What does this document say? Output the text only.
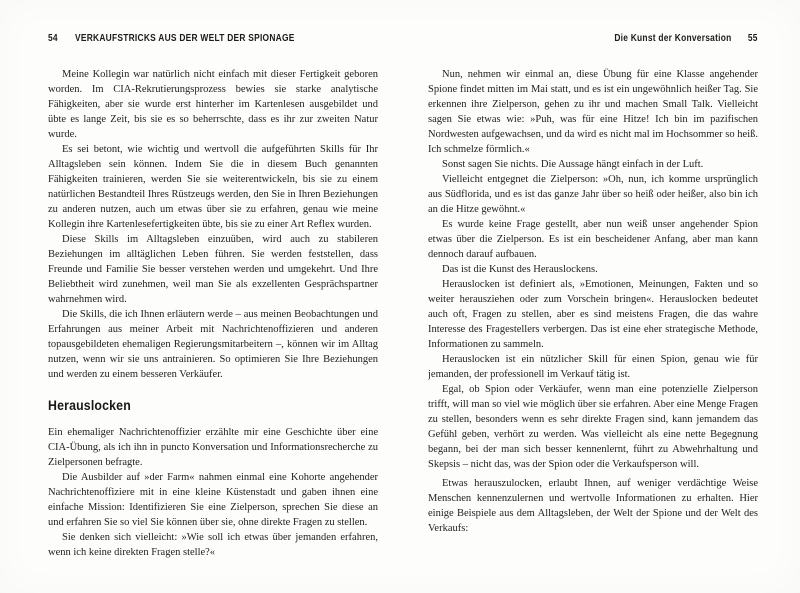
54 VERKAUFSTRICKS AUS DER WELT DER SPIONAGE

Meine Kollegin war natürlich nicht einfach mit dieser Fertigkeit geboren worden. Im CIA-Rekrutierungsprozess bewies sie starke analytische Fähigkeiten, aber sie wurde erst hinterher im Kartenlesen ausgebildet und übte es lange Zeit, bis sie es so beherrschte, dass es ihr zur zweiten Natur wurde.

Es sei betont, wie wichtig und wertvoll die aufgeführten Skills für Ihr Alltagsleben sein können. Indem Sie die in diesem Buch genannten Fähigkeiten trainieren, werden Sie sie weiterentwickeln, bis sie zu einem natürlichen Bestandteil Ihres Rüstzeugs werden, den Sie in Ihren Beziehungen zu anderen nutzen, auch um etwas über sie zu erfahren, genau wie meine Kollegin ihre Kartenlesefertigkeiten übte, bis sie zu einer Art Reflex wurden.

Diese Skills im Alltagsleben einzuüben, wird auch zu stabileren Beziehungen im alltäglichen Leben führen. Sie werden feststellen, dass Freunde und Familie Sie besser verstehen werden und umgekehrt. Und Ihre Beliebtheit wird zunehmen, weil man Sie als exzellenten Gesprächspartner wahrnehmen wird.

Die Skills, die ich Ihnen erläutern werde – aus meinen Beobachtungen und Erfahrungen aus meiner Arbeit mit Nachrichtenoffizieren und anderen topausgebildeten ehemaligen Regierungsmitarbeitern –, können wir im Alltag nutzen, wenn wir sie uns antrainieren. So optimieren Sie Ihre Beziehungen und werden zu einem besseren Verkäufer.

Herauslocken

Ein ehemaliger Nachrichtenoffizier erzählte mir eine Geschichte über eine CIA-Übung, als ich ihn in puncto Konversation und Informationsrecherche zu Zielpersonen befragte.

Die Ausbilder auf »der Farm« nahmen einmal eine Kohorte angehender Nachrichtenoffiziere mit in eine kleine Küstenstadt und gaben ihnen eine einfache Mission: Identifizieren Sie eine Zielperson, sprechen Sie diese an und erfahren Sie so viel Sie können über sie, ohne direkte Fragen zu stellen.

Sie denken sich vielleicht: »Wie soll ich etwas über jemanden erfahren, wenn ich keine direkten Fragen stelle?«

Die Kunst der Konversation 55

Nun, nehmen wir einmal an, diese Übung für eine Klasse angehender Spione findet mitten im Mai statt, und es ist ein ungewöhnlich heißer Tag. Sie erkennen ihre Zielperson, gehen zu ihr und machen Small Talk. Vielleicht sagen Sie etwas wie: »Puh, was für eine Hitze! Ich bin im pazifischen Nordwesten aufgewachsen, und da wird es nicht mal im Hochsommer so heiß. Ich schmelze förmlich.«

Sonst sagen Sie nichts. Die Aussage hängt einfach in der Luft.

Vielleicht entgegnet die Zielperson: »Oh, nun, ich komme ursprünglich aus Südflorida, und es ist das ganze Jahr über so heiß oder heißer, also bin ich an die Hitze gewöhnt.«

Es wurde keine Frage gestellt, aber nun weiß unser angehender Spion etwas über die Zielperson. Es ist ein bescheidener Anfang, aber man kann dennoch darauf aufbauen.

Das ist die Kunst des Herauslockens.

Herauslocken ist definiert als, »Emotionen, Meinungen, Fakten und so weiter herausziehen oder zum Vorschein bringen«. Herauslocken bedeutet auch oft, Fragen zu stellen, aber es sind meistens Fragen, die das wahre Interesse des Fragestellers verbergen. Das ist eine eher strategische Methode, Informationen zu sammeln.

Herauslocken ist ein nützlicher Skill für einen Spion, genau wie für jemanden, der professionell im Verkauf tätig ist.

Egal, ob Spion oder Verkäufer, wenn man eine potenzielle Zielperson trifft, will man so viel wie möglich über sie erfahren. Aber eine Menge Fragen zu stellen, besonders wenn es sehr direkte Fragen sind, kann jemandem das Gefühl geben, verhört zu werden. Was vielleicht als eine nette Begegnung begann, bei der man sich besser kennenlernt, führt zu Abwehrhaltung und Skepsis – nicht das, was der Spion oder die Verkaufsperson will.

Etwas herauszulocken, erlaubt Ihnen, auf weniger verdächtige Weise Menschen kennenzulernen und wertvolle Informationen zu erhalten. Hier einige Beispiele aus dem Alltagsleben, der Welt der Spione und der Welt des Verkaufs:
